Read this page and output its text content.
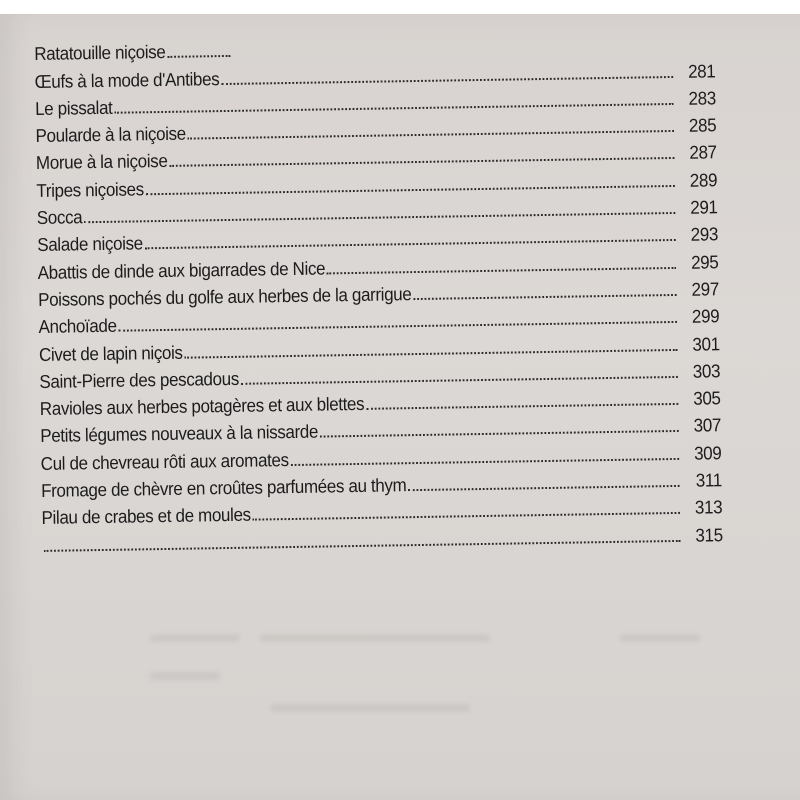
Ratatouille niçoise
Œufs à la mode d'Antibes	281
Le pissalat	283
Poularde à la niçoise	285
Morue à la niçoise	287
Tripes niçoises	289
Socca	291
Salade niçoise	293
Abattis de dinde aux bigarrades de Nice	295
Poissons pochés du golfe aux herbes de la garrigue	297
Anchoïade	299
Civet de lapin niçois	301
Saint-Pierre des pescadous	303
Ravioles aux herbes potagères et aux blettes	305
Petits légumes nouveaux à la nissarde	307
Cul de chevreau rôti aux aromates	309
Fromage de chèvre en croûtes parfumées au thym	311
Pilau de crabes et de moules	313
315
